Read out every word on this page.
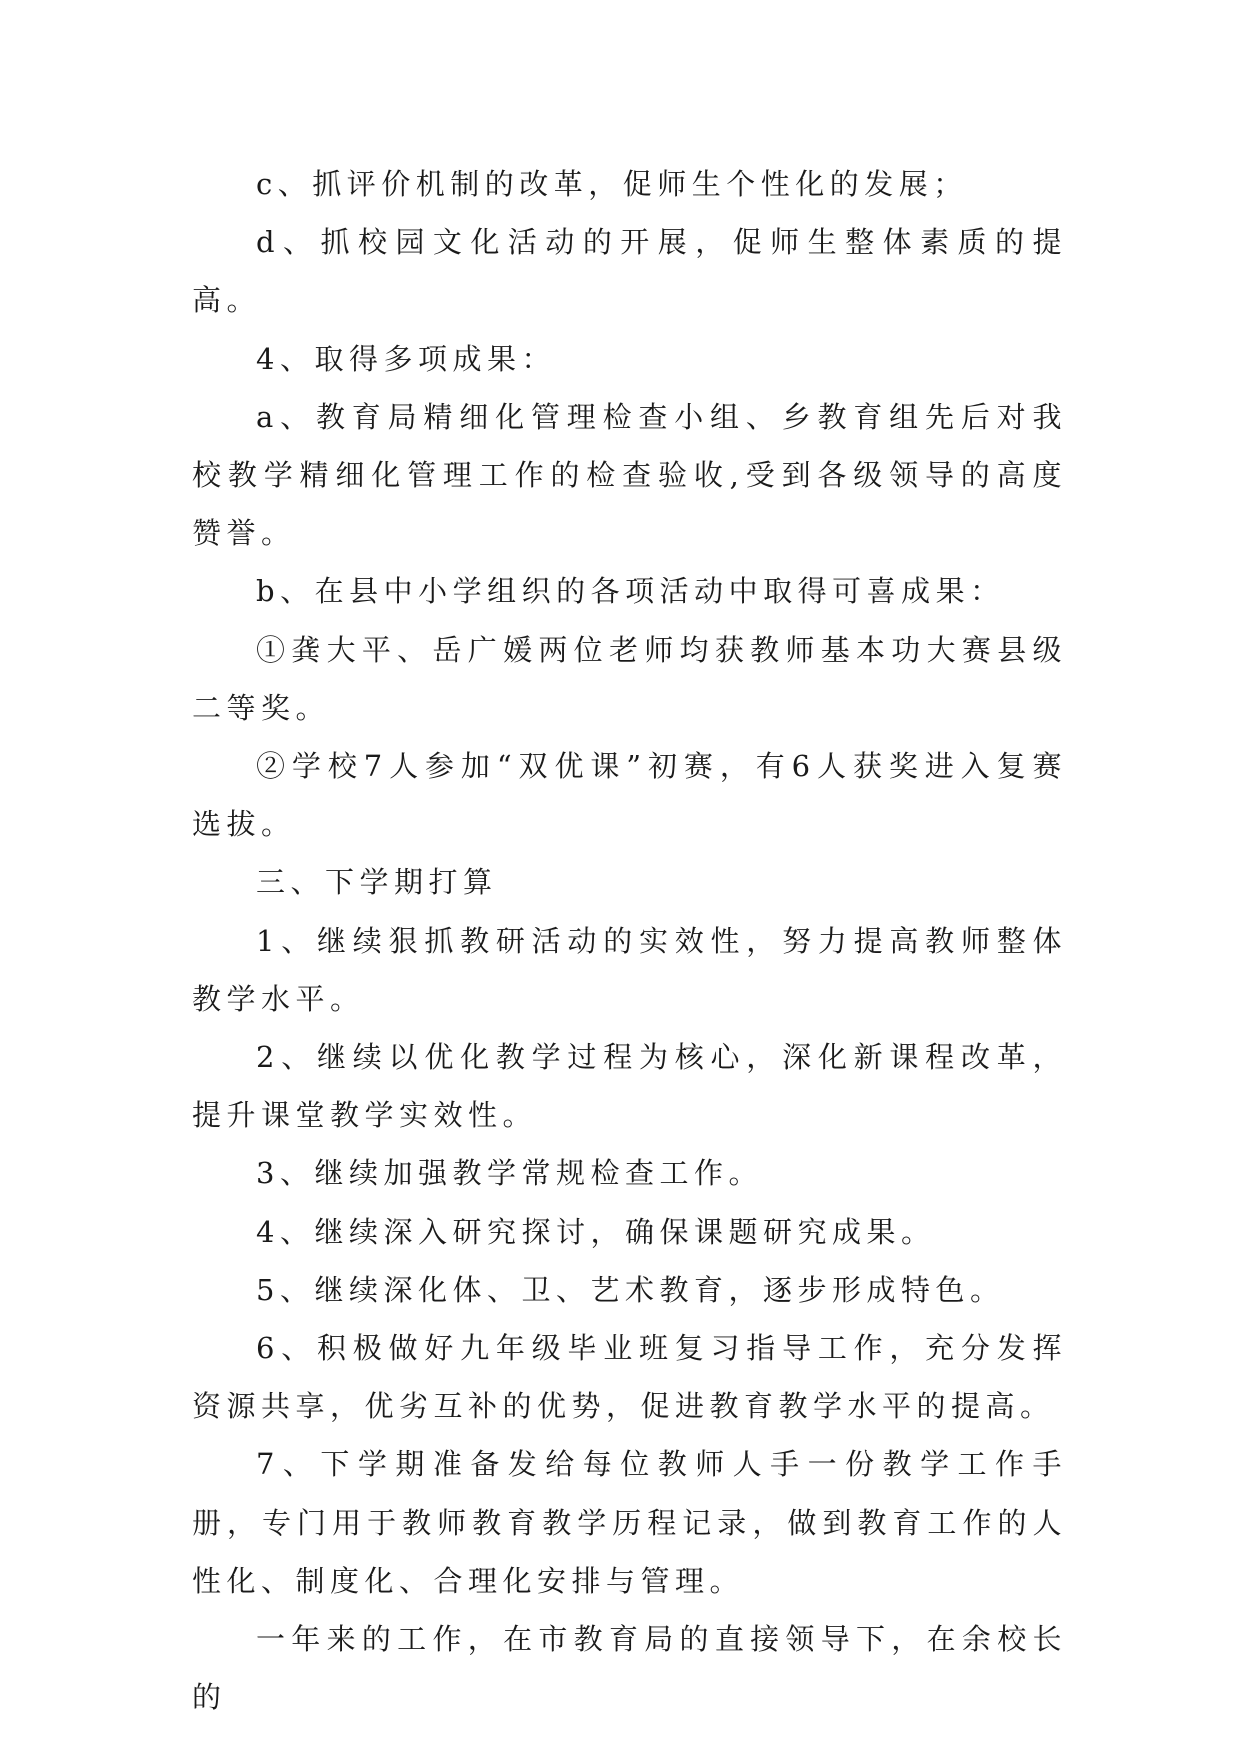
c、抓评价机制的改革，促师生个性化的发展；

d、抓校园文化活动的开展，促师生整体素质的提高。

4、取得多项成果：

a、教育局精细化管理检查小组、乡教育组先后对我校教学精细化管理工作的检查验收,受到各级领导的高度赞誉。

b、在县中小学组织的各项活动中取得可喜成果：

①龚大平、岳广媛两位老师均获教师基本功大赛县级二等奖。

②学校7人参加“双优课”初赛，有6人获奖进入复赛选拔。

三、下学期打算

1、继续狠抓教研活动的实效性，努力提高教师整体教学水平。

2、继续以优化教学过程为核心，深化新课程改革，提升课堂教学实效性。

3、继续加强教学常规检查工作。

4、继续深入研究探讨，确保课题研究成果。

5、继续深化体、卫、艺术教育，逐步形成特色。

6、积极做好九年级毕业班复习指导工作，充分发挥资源共享，优劣互补的优势，促进教育教学水平的提高。

7、下学期准备发给每位教师人手一份教学工作手册，专门用于教师教育教学历程记录，做到教育工作的人性化、制度化、合理化安排与管理。

一年来的工作，在市教育局的直接领导下，在余校长的
